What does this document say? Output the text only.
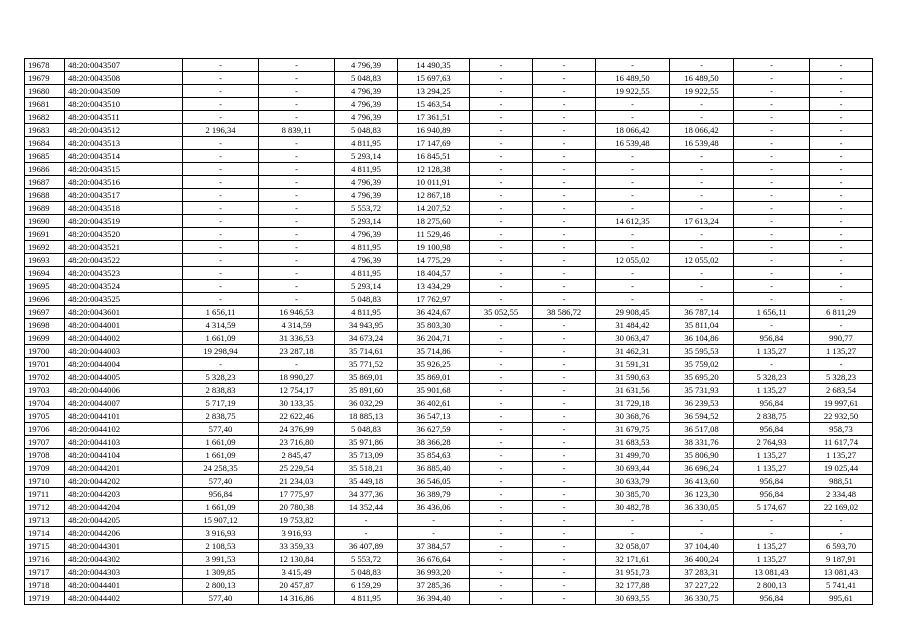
19678	48:20:0043507	-	-	4 796,39	14 490,35	-	-	-	-	-	-
19679	48:20:0043508	-	-	5 048,83	15 697,63	-	-	16 489,50	16 489,50	-	-
19680	48:20:0043509	-	-	4 796,39	13 294,25	-	-	19 922,55	19 922,55	-	-
19681	48:20:0043510	-	-	4 796,39	15 463,54	-	-	-	-	-	-
19682	48:20:0043511	-	-	4 796,39	17 361,51	-	-	-	-	-	-
19683	48:20:0043512	2 196,34	8 839,11	5 048,83	16 940,89	-	-	18 066,42	18 066,42	-	-
19684	48:20:0043513	-	-	4 811,95	17 147,69	-	-	16 539,48	16 539,48	-	-
19685	48:20:0043514	-	-	5 293,14	16 845,51	-	-	-	-	-	-
19686	48:20:0043515	-	-	4 811,95	12 128,38	-	-	-	-	-	-
19687	48:20:0043516	-	-	4 796,39	10 011,91	-	-	-	-	-	-
19688	48:20:0043517	-	-	4 796,39	12 867,18	-	-	-	-	-	-
19689	48:20:0043518	-	-	5 553,72	14 207,52	-	-	-	-	-	-
19690	48:20:0043519	-	-	5 293,14	18 275,60	-	-	14 612,35	17 613,24	-	-
19691	48:20:0043520	-	-	4 796,39	11 529,46	-	-	-	-	-	-
19692	48:20:0043521	-	-	4 811,95	19 100,98	-	-	-	-	-	-
19693	48:20:0043522	-	-	4 796,39	14 775,29	-	-	12 055,02	12 055,02	-	-
19694	48:20:0043523	-	-	4 811,95	18 404,57	-	-	-	-	-	-
19695	48:20:0043524	-	-	5 293,14	13 434,29	-	-	-	-	-	-
19696	48:20:0043525	-	-	5 048,83	17 762,97	-	-	-	-	-	-
19697	48:20:0043601	1 656,11	16 946,53	4 811,95	36 424,67	35 052,55	38 586,72	29 908,45	36 787,14	1 656,11	6 811,29
19698	48:20:0044001	4 314,59	4 314,59	34 943,95	35 803,30	-	-	31 484,42	35 811,04	-	-
19699	48:20:0044002	1 661,09	31 336,53	34 673,24	36 204,71	-	-	30 063,47	36 104,86	956,84	990,77
19700	48:20:0044003	19 298,94	23 287,18	35 714,61	35 714,86	-	-	31 462,31	35 595,53	1 135,27	1 135,27
19701	48:20:0044004	-	-	35 771,52	35 926,25	-	-	31 591,31	35 759,02	-	-
19702	48:20:0044005	5 328,23	18 990,27	35 869,01	35 869,01	-	-	31 590,63	35 695,20	5 328,23	5 328,23
19703	48:20:0044006	2 838,83	12 754,17	35 891,60	35 901,68	-	-	31 631,56	35 731,93	1 135,27	2 683,54
19704	48:20:0044007	5 717,19	30 133,35	36 032,29	36 402,61	-	-	31 729,18	36 239,53	956,84	19 997,61
19705	48:20:0044101	2 838,75	22 622,46	18 885,13	36 547,13	-	-	30 368,76	36 594,52	2 838,75	22 932,50
19706	48:20:0044102	577,40	24 376,99	5 048,83	36 627,59	-	-	31 679,75	36 517,08	956,84	958,73
19707	48:20:0044103	1 661,09	23 716,80	35 971,86	38 366,28	-	-	31 683,53	38 331,76	2 764,93	11 617,74
19708	48:20:0044104	1 661,09	2 845,47	35 713,09	35 854,63	-	-	31 499,70	35 806,90	1 135,27	1 135,27
19709	48:20:0044201	24 258,35	25 229,54	35 518,21	36 885,40	-	-	30 693,44	36 696,24	1 135,27	19 025,44
19710	48:20:0044202	577,40	21 234,03	35 449,18	36 546,05	-	-	30 633,79	36 413,60	956,84	988,51
19711	48:20:0044203	956,84	17 775,97	34 377,36	36 389,79	-	-	30 385,70	36 123,30	956,84	2 334,48
19712	48:20:0044204	1 661,09	20 780,38	14 352,44	36 436,06	-	-	30 482,78	36 330,05	5 174,67	22 169,02
19713	48:20:0044205	15 907,12	19 753,82	-	-	-	-	-	-	-	-
19714	48:20:0044206	3 916,93	3 916,93	-	-	-	-	-	-	-	-
19715	48:20:0044301	2 108,53	33 359,33	36 407,89	37 384,57	-	-	32 058,07	37 104,40	1 135,27	6 593,70
19716	48:20:0044302	3 991,53	12 130,84	5 553,72	36 676,64	-	-	32 171,61	36 400,24	1 135,27	9 187,91
19717	48:20:0044303	1 309,85	3 415,49	5 048,83	36 993,20	-	-	31 951,73	37 283,31	13 081,43	13 081,43
19718	48:20:0044401	2 800,13	20 457,87	6 159,29	37 285,36	-	-	32 177,88	37 227,22	2 800,13	5 741,41
19719	48:20:0044402	577,40	14 316,86	4 811,95	36 394,40	-	-	30 693,55	36 330,75	956,84	995,61
